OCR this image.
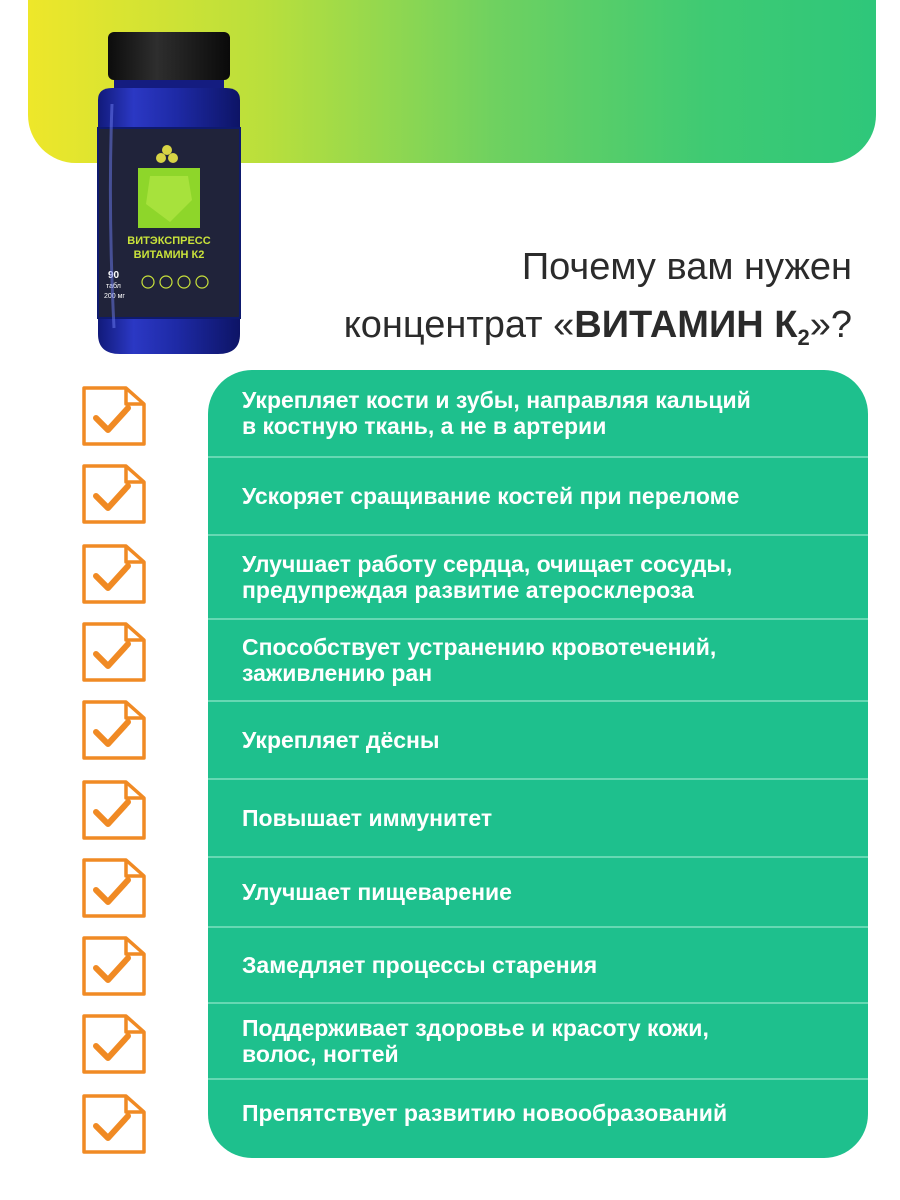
ВИТЭКСПРЕСС
ВИТАМИН К2
90
табл
200 мг
Почему вам нужен
концентрат «ВИТАМИН $К_2$»?
Укрепляет кости и зубы, направляя кальций
в костную ткань, а не в артерии
Ускоряет сращивание костей при переломе
Улучшает работу сердца, очищает сосуды,
предупреждая развитие атеросклероза
Способствует устранению кровотечений,
заживлению ран
Укрепляет дёсны
Повышает иммунитет
Улучшает пищеварение
Замедляет процессы старения
Поддерживает здоровье и красоту кожи,
волос, ногтей
Препятствует развитию новообразований
